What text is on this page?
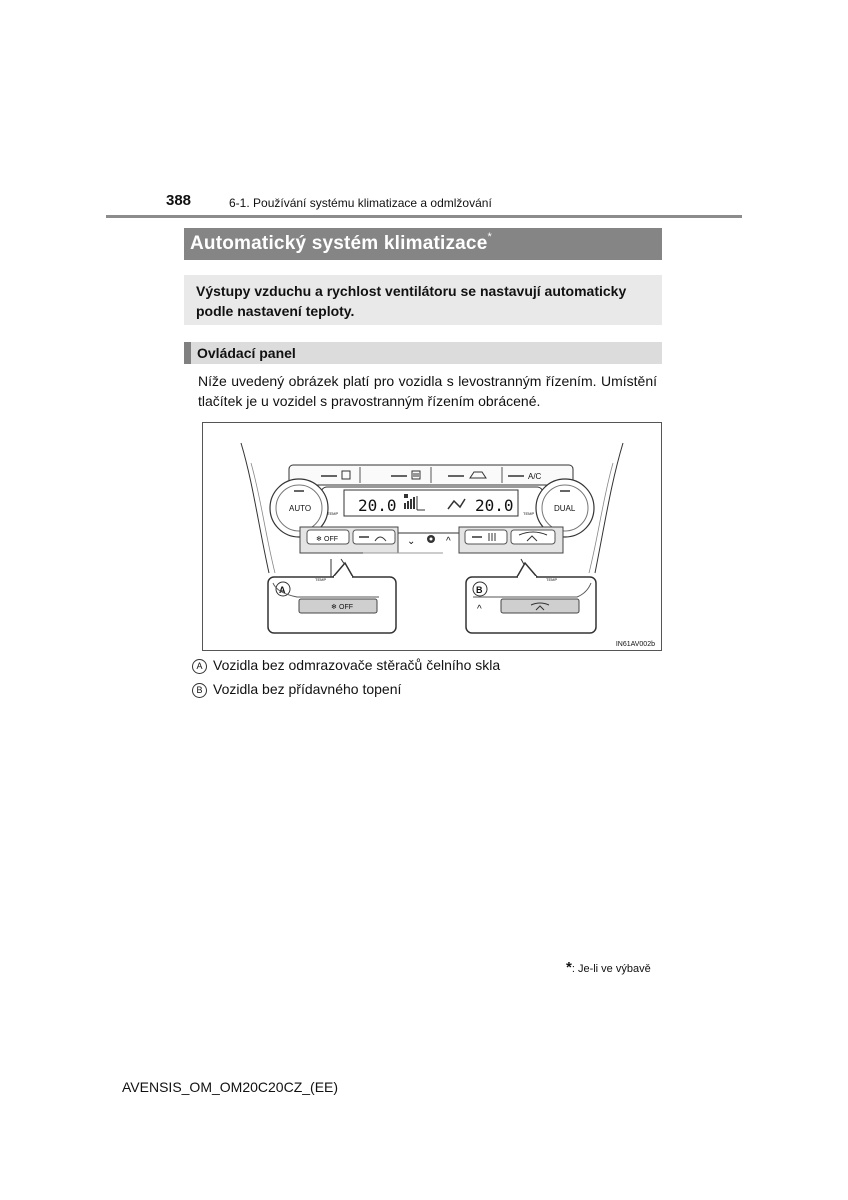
388	6-1. Používání systému klimatizace a odmlžování
Automatický systém klimatizace*
Výstupy vzduchu a rychlost ventilátoru se nastavují automaticky podle nastavení teploty.
Ovládací panel
Níže uvedený obrázek platí pro vozidla s levostranným řízením. Umístění tlačítek je u vozidel s pravostranným řízením obrácené.
A/C
AUTO
TEMP
DUAL
TEMP
20.0	20.0
OFF
❄	⌄	^
A
TEMP
❄ OFF
B
TEMP
^
IN61AV002b
A Vozidla bez odmrazovače stěračů čelního skla
B Vozidla bez přídavného topení
*: Je-li ve výbavě
AVENSIS_OM_OM20C20CZ_(EE)
